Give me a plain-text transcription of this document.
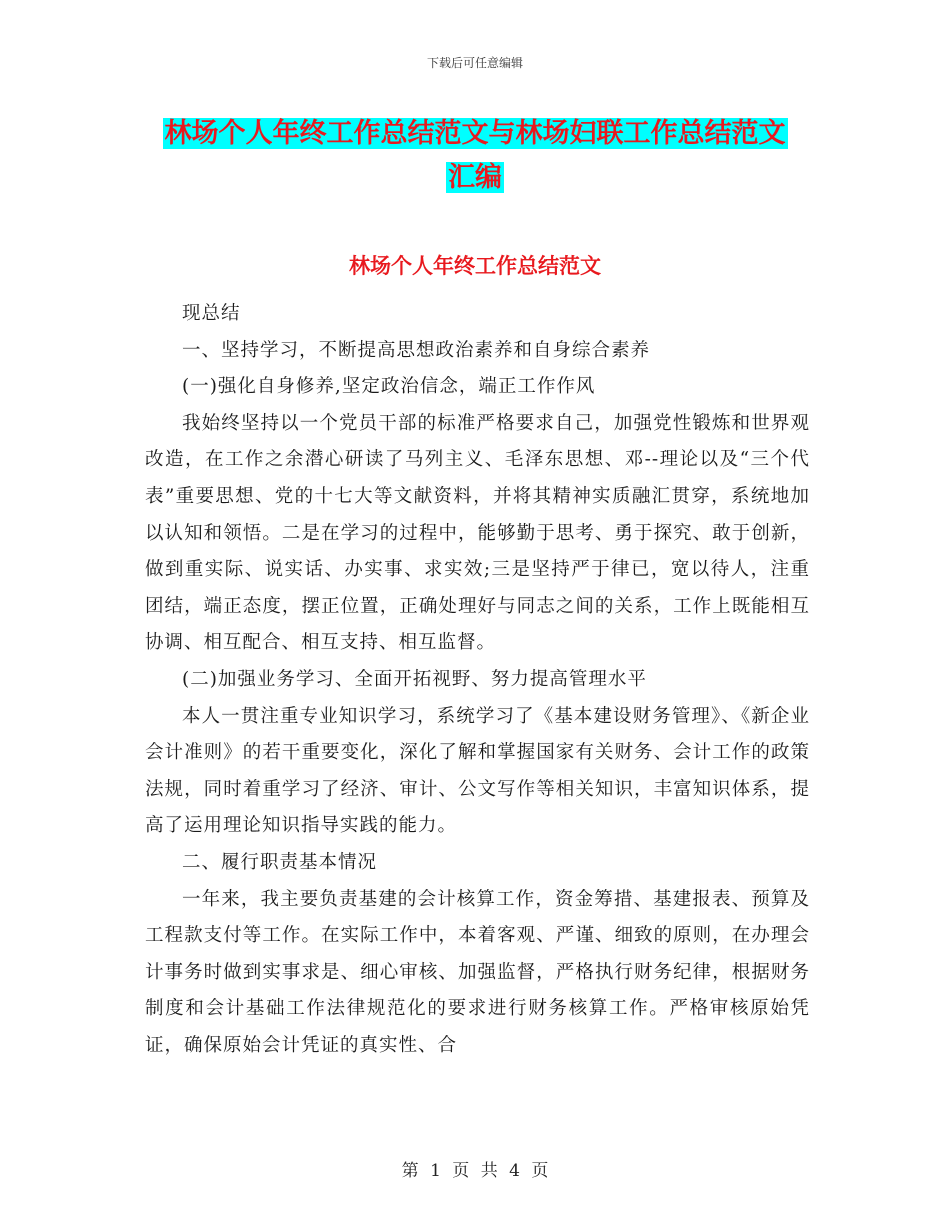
下载后可任意编辑
林场个人年终工作总结范文与林场妇联工作总结范文
汇编
林场个人年终工作总结范文

现总结

一、坚持学习，不断提高思想政治素养和自身综合素养

(一)强化自身修养,坚定政治信念，端正工作作风

我始终坚持以一个党员干部的标准严格要求自己，加强党性锻炼和世界观改造，在工作之余潜心研读了马列主义、毛泽东思想、邓--理论以及“三个代表”重要思想、党的十七大等文献资料，并将其精神实质融汇贯穿，系统地加以认知和领悟。二是在学习的过程中，能够勤于思考、勇于探究、敢于创新，做到重实际、说实话、办实事、求实效;三是坚持严于律已，宽以待人，注重团结，端正态度，摆正位置，正确处理好与同志之间的关系，工作上既能相互协调、相互配合、相互支持、相互监督。

(二)加强业务学习、全面开拓视野、努力提高管理水平

本人一贯注重专业知识学习，系统学习了《基本建设财务管理》、《新企业会计准则》的若干重要变化，深化了解和掌握国家有关财务、会计工作的政策法规，同时着重学习了经济、审计、公文写作等相关知识，丰富知识体系，提高了运用理论知识指导实践的能力。

二、履行职责基本情况

一年来，我主要负责基建的会计核算工作，资金筹措、基建报表、预算及工程款支付等工作。在实际工作中，本着客观、严谨、细致的原则，在办理会计事务时做到实事求是、细心审核、加强监督，严格执行财务纪律，根据财务制度和会计基础工作法律规范化的要求进行财务核算工作。严格审核原始凭证，确保原始会计凭证的真实性、合

第 1 页 共 4 页
